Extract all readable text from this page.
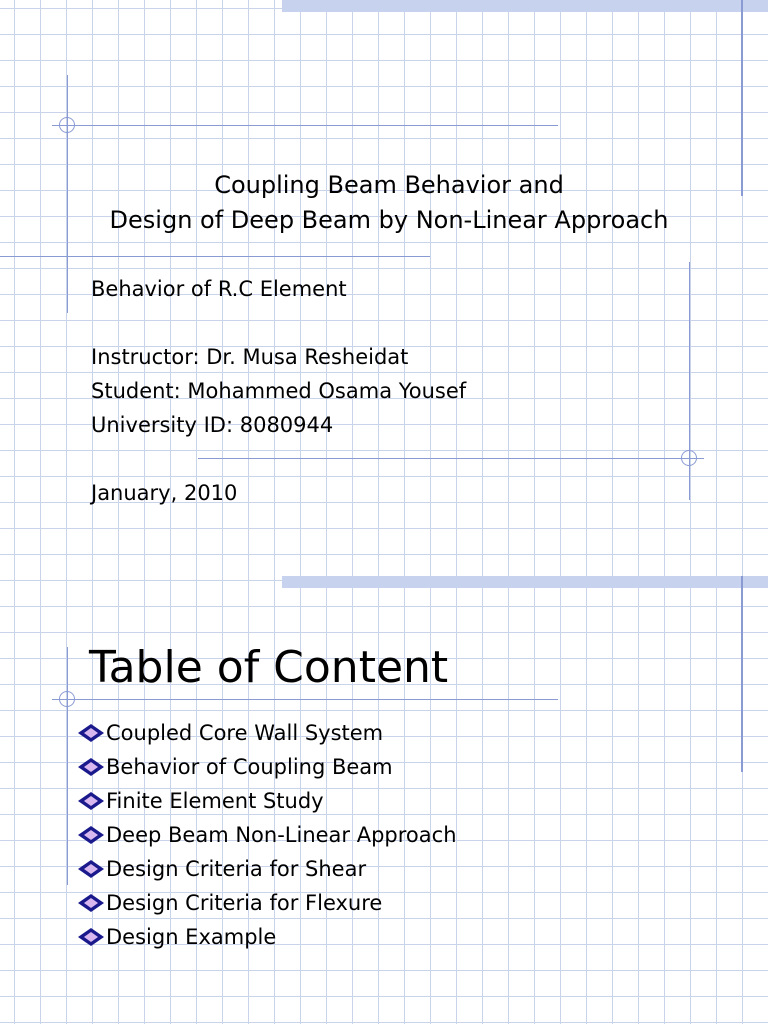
Coupling Beam Behavior and
Design of Deep Beam by Non-Linear Approach
Behavior of R.C Element
Instructor: Dr. Musa Resheidat
Student: Mohammed Osama Yousef
University ID: 8080944
January, 2010
Table of Content
Coupled Core Wall System
Behavior of Coupling Beam
Finite Element Study
Deep Beam Non-Linear Approach
Design Criteria for Shear
Design Criteria for Flexure
Design Example
